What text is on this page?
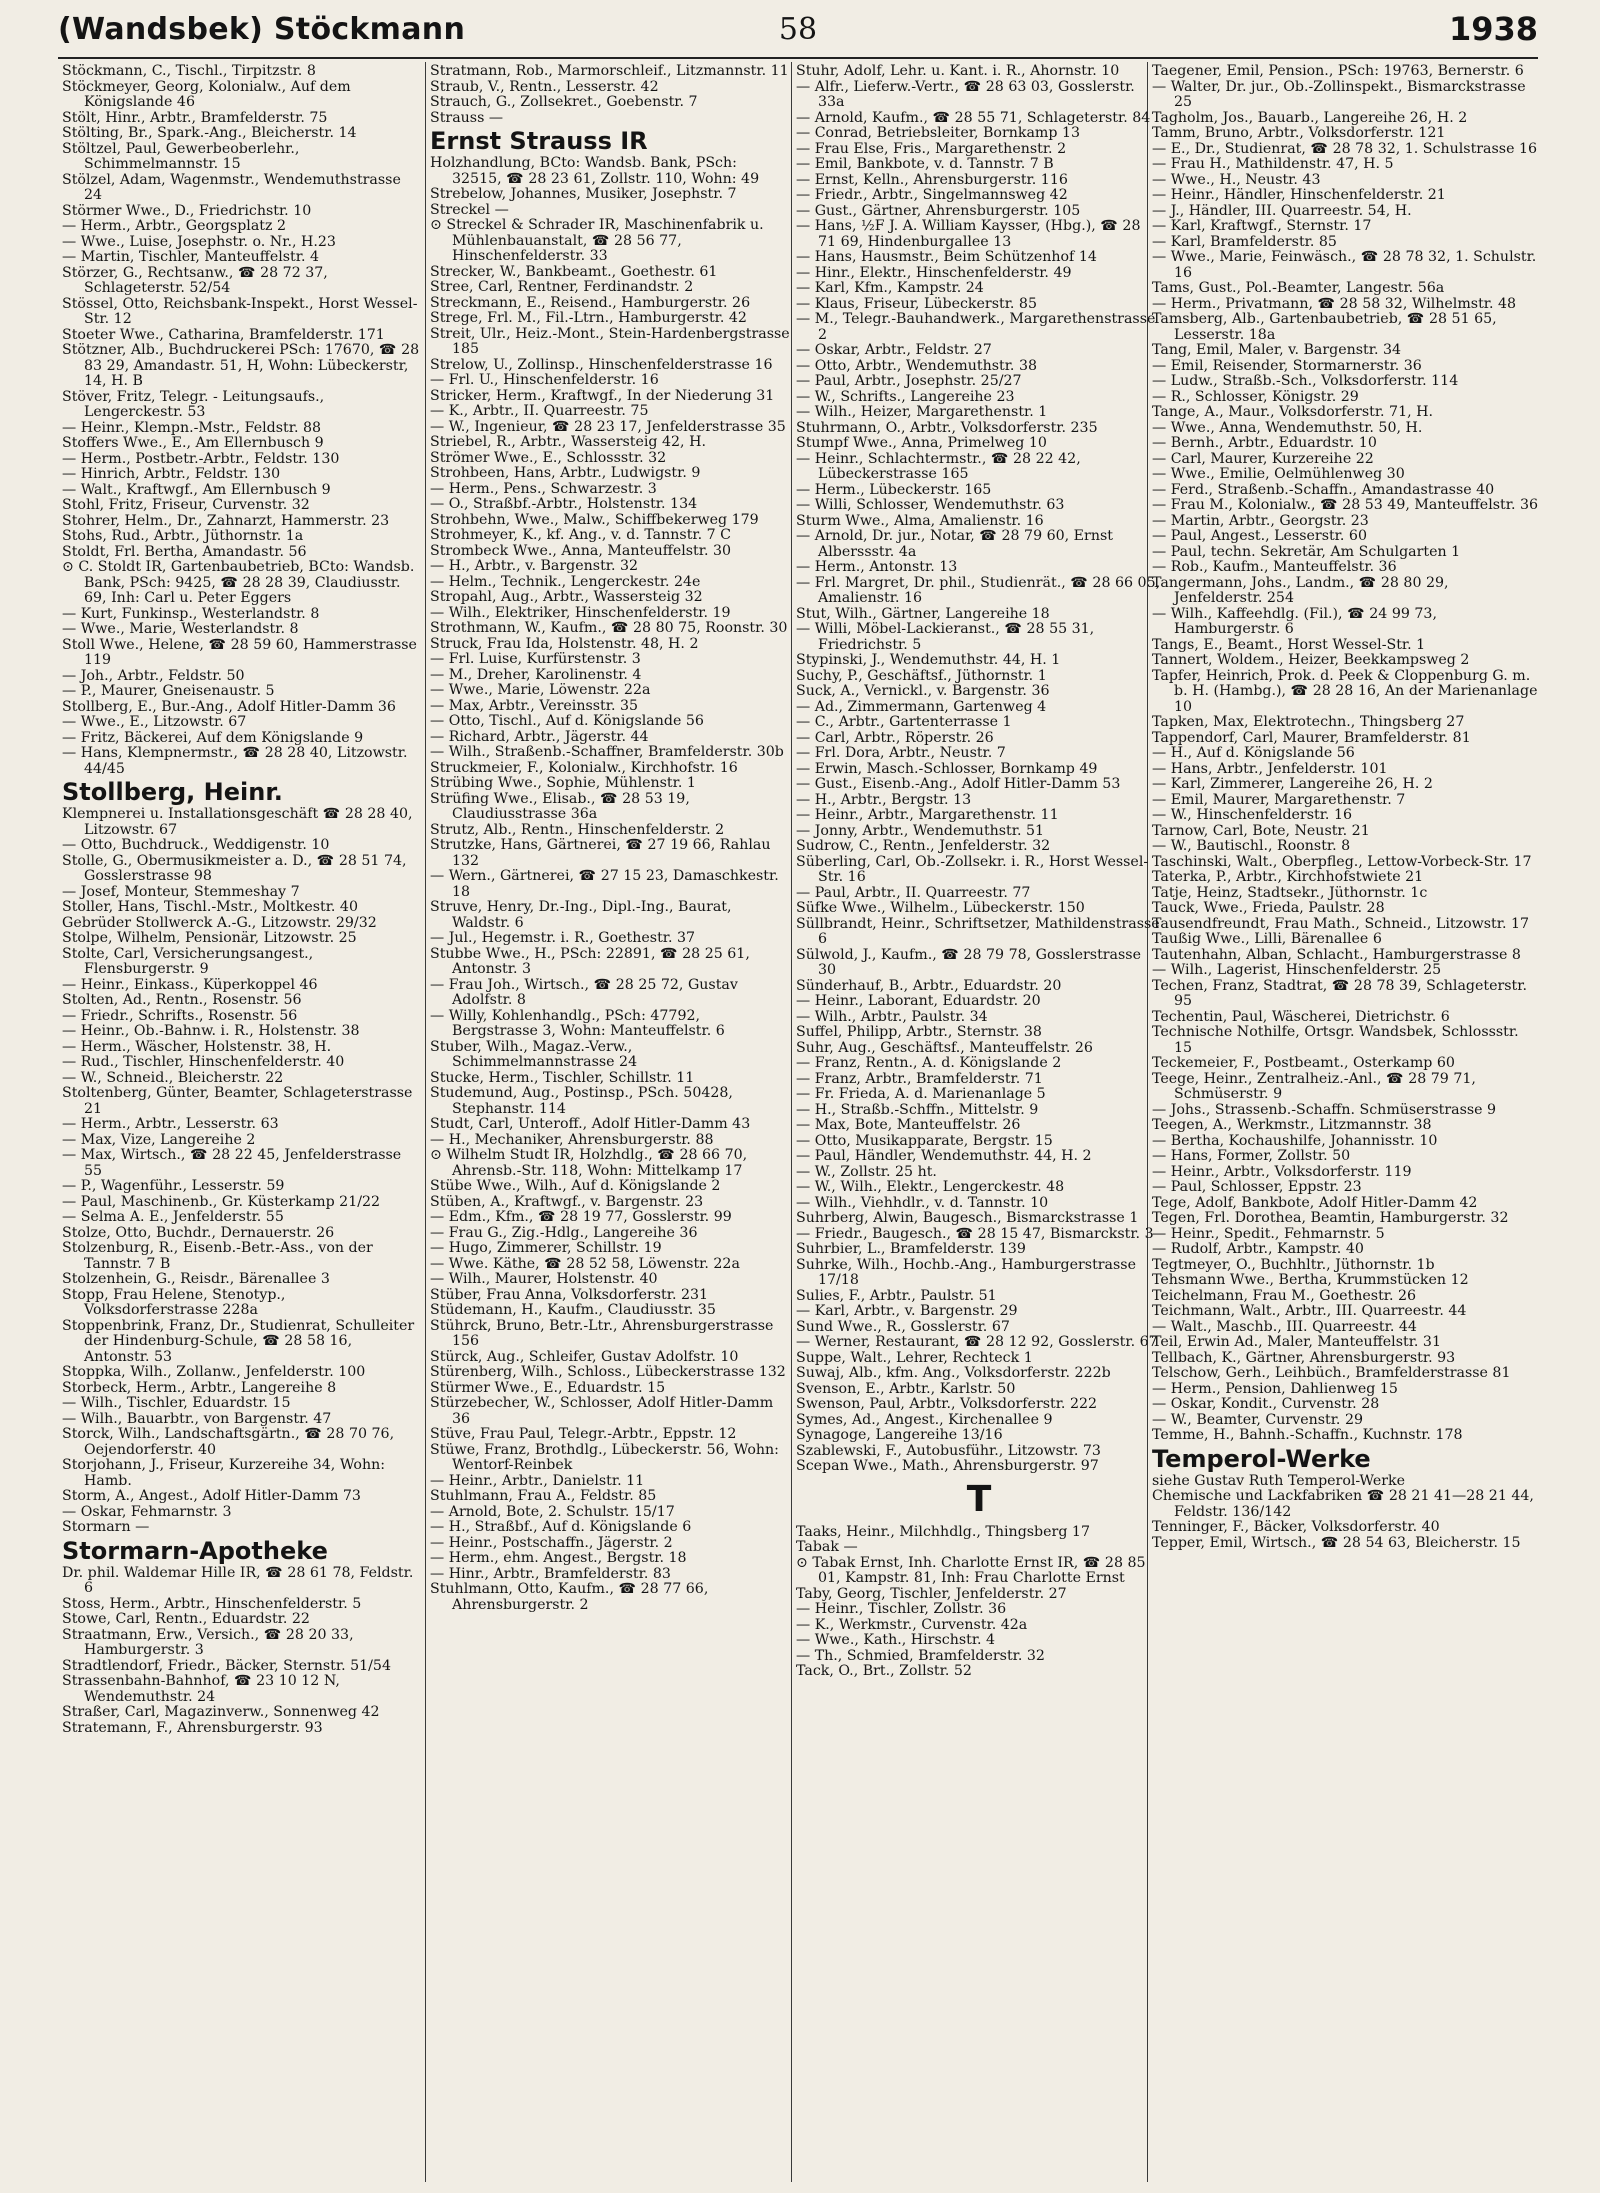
(Wandsbek) Stöckmann	58	1938
Stöckmann, C., Tischl., Tirpitzstr. 8
Stöckmeyer, Georg, Kolonialw., Auf dem Königslande 46
Stölt, Hinr., Arbtr., Bramfelderstr. 75
Stölting, Br., Spark.-Ang., Bleicherstr. 14
Stöltzel, Paul, Gewerbeoberlehr., Schimmelmannstr. 15
Stölzel, Adam, Wagenmstr., Wendemuthstrasse 24
Störmer Wwe., D., Friedrichstr. 10
— Herm., Arbtr., Georgsplatz 2
— Wwe., Luise, Josephstr. o. Nr., H.23
— Martin, Tischler, Manteuffelstr. 4
Störzer, G., Rechtsanw., ☎ 28 72 37, Schlageterstr. 52/54
Stössel, Otto, Reichsbank-Inspekt., Horst Wessel-Str. 12
Stoeter Wwe., Catharina, Bramfelderstr. 171
Stötzner, Alb., Buchdruckerei PSch: 17670, ☎ 28 83 29, Amandastr. 51, H, Wohn: Lübeckerstr, 14, H. B
Stöver, Fritz, Telegr. - Leitungsaufs., Lengerckestr. 53
— Heinr., Klempn.-Mstr., Feldstr. 88
Stoffers Wwe., E., Am Ellernbusch 9
— Herm., Postbetr.-Arbtr., Feldstr. 130
— Hinrich, Arbtr., Feldstr. 130
— Walt., Kraftwgf., Am Ellernbusch 9
Stohl, Fritz, Friseur, Curvenstr. 32
Stohrer, Helm., Dr., Zahnarzt, Hammerstr. 23
Stohs, Rud., Arbtr., Jüthornstr. 1a
Stoldt, Frl. Bertha, Amandastr. 56
⊙ C. Stoldt IR, Gartenbaubetrieb, BCto: Wandsb. Bank, PSch: 9425, ☎ 28 28 39, Claudiusstr. 69, Inh: Carl u. Peter Eggers
— Kurt, Funkinsp., Westerlandstr. 8
— Wwe., Marie, Westerlandstr. 8
Stoll Wwe., Helene, ☎ 28 59 60, Hammerstrasse 119
— Joh., Arbtr., Feldstr. 50
— P., Maurer, Gneisenaustr. 5
Stollberg, E., Bur.-Ang., Adolf Hitler-Damm 36
— Wwe., E., Litzowstr. 67
— Fritz, Bäckerei, Auf dem Königslande 9
— Hans, Klempnermstr., ☎ 28 28 40, Litzowstr. 44/45
Stollberg, Heinr.
Klempnerei u. Installationsgeschäft ☎ 28 28 40, Litzowstr. 67
— Otto, Buchdruck., Weddigenstr. 10
Stolle, G., Obermusikmeister a. D., ☎ 28 51 74, Gosslerstrasse 98
— Josef, Monteur, Stemmeshay 7
Stoller, Hans, Tischl.-Mstr., Moltkestr. 40
Gebrüder Stollwerck A.-G., Litzowstr. 29/32
Stolpe, Wilhelm, Pensionär, Litzowstr. 25
Stolte, Carl, Versicherungsangest., Flensburgerstr. 9
— Heinr., Einkass., Küperkoppel 46
Stolten, Ad., Rentn., Rosenstr. 56
— Friedr., Schrifts., Rosenstr. 56
— Heinr., Ob.-Bahnw. i. R., Holstenstr. 38
— Herm., Wäscher, Holstenstr. 38, H.
— Rud., Tischler, Hinschenfelderstr. 40
— W., Schneid., Bleicherstr. 22
Stoltenberg, Günter, Beamter, Schlageterstrasse 21
— Herm., Arbtr., Lesserstr. 63
— Max, Vize, Langereihe 2
— Max, Wirtsch., ☎ 28 22 45, Jenfelderstrasse 55
— P., Wagenführ., Lesserstr. 59
— Paul, Maschinenb., Gr. Küsterkamp 21/22
— Selma A. E., Jenfelderstr. 55
Stolze, Otto, Buchdr., Dernauerstr. 26
Stolzenburg, R., Eisenb.-Betr.-Ass., von der Tannstr. 7 B
Stolzenhein, G., Reisdr., Bärenallee 3
Stopp, Frau Helene, Stenotyp., Volksdorferstrasse 228a
Stoppenbrink, Franz, Dr., Studienrat, Schulleiter der Hindenburg-Schule, ☎ 28 58 16, Antonstr. 53
Stoppka, Wilh., Zollanw., Jenfelderstr. 100
Storbeck, Herm., Arbtr., Langereihe 8
— Wilh., Tischler, Eduardstr. 15
— Wilh., Bauarbtr., von Bargenstr. 47
Storck, Wilh., Landschaftsgärtn., ☎ 28 70 76, Oejendorferstr. 40
Storjohann, J., Friseur, Kurzereihe 34, Wohn: Hamb.
Storm, A., Angest., Adolf Hitler-Damm 73
— Oskar, Fehmarnstr. 3
Stormarn —
Stormarn-Apotheke
Dr. phil. Waldemar Hille IR, ☎ 28 61 78, Feldstr. 6
Stoss, Herm., Arbtr., Hinschenfelderstr. 5
Stowe, Carl, Rentn., Eduardstr. 22
Straatmann, Erw., Versich., ☎ 28 20 33, Hamburgerstr. 3
Stradtlendorf, Friedr., Bäcker, Sternstr. 51/54
Strassenbahn-Bahnhof, ☎ 23 10 12 N, Wendemuthstr. 24
Straßer, Carl, Magazinverw., Sonnenweg 42
Stratemann, F., Ahrensburgerstr. 93
Stratmann, Rob., Marmorschleif., Litzmannstr. 11
Straub, V., Rentn., Lesserstr. 42
Strauch, G., Zollsekret., Goebenstr. 7
Strauss —
Ernst Strauss IR
Holzhandlung, BCto: Wandsb. Bank, PSch: 32515, ☎ 28 23 61, Zollstr. 110, Wohn: 49
Strebelow, Johannes, Musiker, Josephstr. 7
Streckel —
⊙ Streckel & Schrader IR, Maschinenfabrik u. Mühlenbauanstalt, ☎ 28 56 77, Hinschenfelderstr. 33
Strecker, W., Bankbeamt., Goethestr. 61
Stree, Carl, Rentner, Ferdinandstr. 2
Streckmann, E., Reisend., Hamburgerstr. 26
Strege, Frl. M., Fil.-Ltrn., Hamburgerstr. 42
Streit, Ulr., Heiz.-Mont., Stein-Hardenbergstrasse 185
Strelow, U., Zollinsp., Hinschenfelderstrasse 16
— Frl. U., Hinschenfelderstr. 16
Stricker, Herm., Kraftwgf., In der Niederung 31
— K., Arbtr., II. Quarreestr. 75
— W., Ingenieur, ☎ 28 23 17, Jenfelderstrasse 35
Striebel, R., Arbtr., Wassersteig 42, H.
Strömer Wwe., E., Schlossstr. 32
Strohbeen, Hans, Arbtr., Ludwigstr. 9
— Herm., Pens., Schwarzestr. 3
— O., Straßbf.-Arbtr., Holstenstr. 134
Strohbehn, Wwe., Malw., Schiffbekerweg 179
Strohmeyer, K., kf. Ang., v. d. Tannstr. 7 C
Strombeck Wwe., Anna, Manteuffelstr. 30
— H., Arbtr., v. Bargenstr. 32
— Helm., Technik., Lengerckestr. 24e
Stropahl, Aug., Arbtr., Wassersteig 32
— Wilh., Elektriker, Hinschenfelderstr. 19
Strothmann, W., Kaufm., ☎ 28 80 75, Roonstr. 30
Struck, Frau Ida, Holstenstr. 48, H. 2
— Frl. Luise, Kurfürstenstr. 3
— M., Dreher, Karolinenstr. 4
— Wwe., Marie, Löwenstr. 22a
— Max, Arbtr., Vereinsstr. 35
— Otto, Tischl., Auf d. Königslande 56
— Richard, Arbtr., Jägerstr. 44
— Wilh., Straßenb.-Schaffner, Bramfelderstr. 30b
Struckmeier, F., Kolonialw., Kirchhofstr. 16
Strübing Wwe., Sophie, Mühlenstr. 1
Strüfing Wwe., Elisab., ☎ 28 53 19, Claudiusstrasse 36a
Strutz, Alb., Rentn., Hinschenfelderstr. 2
Strutzke, Hans, Gärtnerei, ☎ 27 19 66, Rahlau 132
— Wern., Gärtnerei, ☎ 27 15 23, Damaschkestr. 18
Struve, Henry, Dr.-Ing., Dipl.-Ing., Baurat, Waldstr. 6
— Jul., Hegemstr. i. R., Goethestr. 37
Stubbe Wwe., H., PSch: 22891, ☎ 28 25 61, Antonstr. 3
— Frau Joh., Wirtsch., ☎ 28 25 72, Gustav Adolfstr. 8
— Willy, Kohlenhandlg., PSch: 47792, Bergstrasse 3, Wohn: Manteuffelstr. 6
Stuber, Wilh., Magaz.-Verw., Schimmelmannstrasse 24
Stucke, Herm., Tischler, Schillstr. 11
Studemund, Aug., Postinsp., PSch. 50428, Stephanstr. 114
Studt, Carl, Unteroff., Adolf Hitler-Damm 43
— H., Mechaniker, Ahrensburgerstr. 88
⊙ Wilhelm Studt IR, Holzhdlg., ☎ 28 66 70, Ahrensb.-Str. 118, Wohn: Mittelkamp 17
Stübe Wwe., Wilh., Auf d. Königslande 2
Stüben, A., Kraftwgf., v. Bargenstr. 23
— Edm., Kfm., ☎ 28 19 77, Gosslerstr. 99
— Frau G., Zig.-Hdlg., Langereihe 36
— Hugo, Zimmerer, Schillstr. 19
— Wwe. Käthe, ☎ 28 52 58, Löwenstr. 22a
— Wilh., Maurer, Holstenstr. 40
Stüber, Frau Anna, Volksdorferstr. 231
Stüdemann, H., Kaufm., Claudiusstr. 35
Stührck, Bruno, Betr.-Ltr., Ahrensburgerstrasse 156
Stürck, Aug., Schleifer, Gustav Adolfstr. 10
Stürenberg, Wilh., Schloss., Lübeckerstrasse 132
Stürmer Wwe., E., Eduardstr. 15
Stürzebecher, W., Schlosser, Adolf Hitler-Damm 36
Stüve, Frau Paul, Telegr.-Arbtr., Eppstr. 12
Stüwe, Franz, Brothdlg., Lübeckerstr. 56, Wohn: Wentorf-Reinbek
— Heinr., Arbtr., Danielstr. 11
Stuhlmann, Frau A., Feldstr. 85
— Arnold, Bote, 2. Schulstr. 15/17
— H., Straßbf., Auf d. Königslande 6
— Heinr., Postschaffn., Jägerstr. 2
— Herm., ehm. Angest., Bergstr. 18
— Hinr., Arbtr., Bramfelderstr. 83
Stuhlmann, Otto, Kaufm., ☎ 28 77 66, Ahrensburgerstr. 2
Stuhr, Adolf, Lehr. u. Kant. i. R., Ahornstr. 10
— Alfr., Lieferw.-Vertr., ☎ 28 63 03, Gosslerstr. 33a
— Arnold, Kaufm., ☎ 28 55 71, Schlageterstr. 84
— Conrad, Betriebsleiter, Bornkamp 13
— Frau Else, Fris., Margarethenstr. 2
— Emil, Bankbote, v. d. Tannstr. 7 B
— Ernst, Kelln., Ahrensburgerstr. 116
— Friedr., Arbtr., Singelmannsweg 42
— Gust., Gärtner, Ahrensburgerstr. 105
— Hans, ½F J. A. William Kaysser, (Hbg.), ☎ 28 71 69, Hindenburgallee 13
— Hans, Hausmstr., Beim Schützenhof 14
— Hinr., Elektr., Hinschenfelderstr. 49
— Karl, Kfm., Kampstr. 24
— Klaus, Friseur, Lübeckerstr. 85
— M., Telegr.-Bauhandwerk., Margarethenstrasse 2
— Oskar, Arbtr., Feldstr. 27
— Otto, Arbtr., Wendemuthstr. 38
— Paul, Arbtr., Josephstr. 25/27
— W., Schrifts., Langereihe 23
— Wilh., Heizer, Margarethenstr. 1
Stuhrmann, O., Arbtr., Volksdorferstr. 235
Stumpf Wwe., Anna, Primelweg 10
— Heinr., Schlachtermstr., ☎ 28 22 42, Lübeckerstrasse 165
— Herm., Lübeckerstr. 165
— Willi, Schlosser, Wendemuthstr. 63
Sturm Wwe., Alma, Amalienstr. 16
— Arnold, Dr. jur., Notar, ☎ 28 79 60, Ernst Alberssstr. 4a
— Herm., Antonstr. 13
— Frl. Margret, Dr. phil., Studienrät., ☎ 28 66 05, Amalienstr. 16
Stut, Wilh., Gärtner, Langereihe 18
— Willi, Möbel-Lackieranst., ☎ 28 55 31, Friedrichstr. 5
Stypinski, J., Wendemuthstr. 44, H. 1
Suchy, P., Geschäftsf., Jüthornstr. 1
Suck, A., Vernickl., v. Bargenstr. 36
— Ad., Zimmermann, Gartenweg 4
— C., Arbtr., Gartenterrasse 1
— Carl, Arbtr., Röperstr. 26
— Frl. Dora, Arbtr., Neustr. 7
— Erwin, Masch.-Schlosser, Bornkamp 49
— Gust., Eisenb.-Ang., Adolf Hitler-Damm 53
— H., Arbtr., Bergstr. 13
— Heinr., Arbtr., Margarethenstr. 11
— Jonny, Arbtr., Wendemuthstr. 51
Sudrow, C., Rentn., Jenfelderstr. 32
Süberling, Carl, Ob.-Zollsekr. i. R., Horst Wessel-Str. 16
— Paul, Arbtr., II. Quarreestr. 77
Süfke Wwe., Wilhelm., Lübeckerstr. 150
Süllbrandt, Heinr., Schriftsetzer, Mathildenstrasse 6
Sülwold, J., Kaufm., ☎ 28 79 78, Gosslerstrasse 30
Sünderhauf, B., Arbtr., Eduardstr. 20
— Heinr., Laborant, Eduardstr. 20
— Wilh., Arbtr., Paulstr. 34
Suffel, Philipp, Arbtr., Sternstr. 38
Suhr, Aug., Geschäftsf., Manteuffelstr. 26
— Franz, Rentn., A. d. Königslande 2
— Franz, Arbtr., Bramfelderstr. 71
— Fr. Frieda, A. d. Marienanlage 5
— H., Straßb.-Schffn., Mittelstr. 9
— Max, Bote, Manteuffelstr. 26
— Otto, Musikapparate, Bergstr. 15
— Paul, Händler, Wendemuthstr. 44, H. 2
— W., Zollstr. 25 ht.
— W., Wilh., Elektr., Lengerckestr. 48
— Wilh., Viehhdlr., v. d. Tannstr. 10
Suhrberg, Alwin, Baugesch., Bismarckstrasse 1
— Friedr., Baugesch., ☎ 28 15 47, Bismarckstr. 3
Suhrbier, L., Bramfelderstr. 139
Suhrke, Wilh., Hochb.-Ang., Hamburgerstrasse 17/18
Sulies, F., Arbtr., Paulstr. 51
— Karl, Arbtr., v. Bargenstr. 29
Sund Wwe., R., Gosslerstr. 67
— Werner, Restaurant, ☎ 28 12 92, Gosslerstr. 67
Suppe, Walt., Lehrer, Rechteck 1
Suwaj, Alb., kfm. Ang., Volksdorferstr. 222b
Svenson, E., Arbtr., Karlstr. 50
Swenson, Paul, Arbtr., Volksdorferstr. 222
Symes, Ad., Angest., Kirchenallee 9
Synagoge, Langereihe 13/16
Szablewski, F., Autobusführ., Litzowstr. 73
Scepan Wwe., Math., Ahrensburgerstr. 97
T
Taaks, Heinr., Milchhdlg., Thingsberg 17
Tabak —
⊙ Tabak Ernst, Inh. Charlotte Ernst IR, ☎ 28 85 01, Kampstr. 81, Inh: Frau Charlotte Ernst
Taby, Georg, Tischler, Jenfelderstr. 27
— Heinr., Tischler, Zollstr. 36
— K., Werkmstr., Curvenstr. 42a
— Wwe., Kath., Hirschstr. 4
— Th., Schmied, Bramfelderstr. 32
Tack, O., Brt., Zollstr. 52
Taegener, Emil, Pension., PSch: 19763, Bernerstr. 6
— Walter, Dr. jur., Ob.-Zollinspekt., Bismarckstrasse 25
Tagholm, Jos., Bauarb., Langereihe 26, H. 2
Tamm, Bruno, Arbtr., Volksdorferstr. 121
— E., Dr., Studienrat, ☎ 28 78 32, 1. Schulstrasse 16
— Frau H., Mathildenstr. 47, H. 5
— Wwe., H., Neustr. 43
— Heinr., Händler, Hinschenfelderstr. 21
— J., Händler, III. Quarreestr. 54, H.
— Karl, Kraftwgf., Sternstr. 17
— Karl, Bramfelderstr. 85
— Wwe., Marie, Feinwäsch., ☎ 28 78 32, 1. Schulstr. 16
Tams, Gust., Pol.-Beamter, Langestr. 56a
— Herm., Privatmann, ☎ 28 58 32, Wilhelmstr. 48
Tamsberg, Alb., Gartenbaubetrieb, ☎ 28 51 65, Lesserstr. 18a
Tang, Emil, Maler, v. Bargenstr. 34
— Emil, Reisender, Stormarnerstr. 36
— Ludw., Straßb.-Sch., Volksdorferstr. 114
— R., Schlosser, Königstr. 29
Tange, A., Maur., Volksdorferstr. 71, H.
— Wwe., Anna, Wendemuthstr. 50, H.
— Bernh., Arbtr., Eduardstr. 10
— Carl, Maurer, Kurzereihe 22
— Wwe., Emilie, Oelmühlenweg 30
— Ferd., Straßenb.-Schaffn., Amandastrasse 40
— Frau M., Kolonialw., ☎ 28 53 49, Manteuffelstr. 36
— Martin, Arbtr., Georgstr. 23
— Paul, Angest., Lesserstr. 60
— Paul, techn. Sekretär, Am Schulgarten 1
— Rob., Kaufm., Manteuffelstr. 36
Tangermann, Johs., Landm., ☎ 28 80 29, Jenfelderstr. 254
— Wilh., Kaffeehdlg. (Fil.), ☎ 24 99 73, Hamburgerstr. 6
Tangs, E., Beamt., Horst Wessel-Str. 1
Tannert, Woldem., Heizer, Beekkampsweg 2
Tapfer, Heinrich, Prok. d. Peek & Cloppenburg G. m. b. H. (Hambg.), ☎ 28 28 16, An der Marienanlage 10
Tapken, Max, Elektrotechn., Thingsberg 27
Tappendorf, Carl, Maurer, Bramfelderstr. 81
— H., Auf d. Königslande 56
— Hans, Arbtr., Jenfelderstr. 101
— Karl, Zimmerer, Langereihe 26, H. 2
— Emil, Maurer, Margarethenstr. 7
— W., Hinschenfelderstr. 16
Tarnow, Carl, Bote, Neustr. 21
— W., Bautischl., Roonstr. 8
Taschinski, Walt., Oberpfleg., Lettow-Vorbeck-Str. 17
Taterka, P., Arbtr., Kirchhofstwiete 21
Tatje, Heinz, Stadtsekr., Jüthornstr. 1c
Tauck, Wwe., Frieda, Paulstr. 28
Tausendfreundt, Frau Math., Schneid., Litzowstr. 17
Taußig Wwe., Lilli, Bärenallee 6
Tautenhahn, Alban, Schlacht., Hamburgerstrasse 8
— Wilh., Lagerist, Hinschenfelderstr. 25
Techen, Franz, Stadtrat, ☎ 28 78 39, Schlageterstr. 95
Techentin, Paul, Wäscherei, Dietrichstr. 6
Technische Nothilfe, Ortsgr. Wandsbek, Schlossstr. 15
Teckemeier, F., Postbeamt., Osterkamp 60
Teege, Heinr., Zentralheiz.-Anl., ☎ 28 79 71, Schmüserstr. 9
— Johs., Strassenb.-Schaffn. Schmüserstrasse 9
Teegen, A., Werkmstr., Litzmannstr. 38
— Bertha, Kochaushilfe, Johannisstr. 10
— Hans, Former, Zollstr. 50
— Heinr., Arbtr., Volksdorferstr. 119
— Paul, Schlosser, Eppstr. 23
Tege, Adolf, Bankbote, Adolf Hitler-Damm 42
Tegen, Frl. Dorothea, Beamtin, Hamburgerstr. 32
— Heinr., Spedit., Fehmarnstr. 5
— Rudolf, Arbtr., Kampstr. 40
Tegtmeyer, O., Buchhltr., Jüthornstr. 1b
Tehsmann Wwe., Bertha, Krummstücken 12
Teichelmann, Frau M., Goethestr. 26
Teichmann, Walt., Arbtr., III. Quarreestr. 44
— Walt., Maschb., III. Quarreestr. 44
Teil, Erwin Ad., Maler, Manteuffelstr. 31
Tellbach, K., Gärtner, Ahrensburgerstr. 93
Telschow, Gerh., Leihbüch., Bramfelderstrasse 81
— Herm., Pension, Dahlienweg 15
— Oskar, Kondit., Curvenstr. 28
— W., Beamter, Curvenstr. 29
Temme, H., Bahnh.-Schaffn., Kuchnstr. 178
Temperol-Werke
siehe Gustav Ruth Temperol-Werke
Chemische und Lackfabriken ☎ 28 21 41—28 21 44, Feldstr. 136/142
Tenninger, F., Bäcker, Volksdorferstr. 40
Tepper, Emil, Wirtsch., ☎ 28 54 63, Bleicherstr. 15
